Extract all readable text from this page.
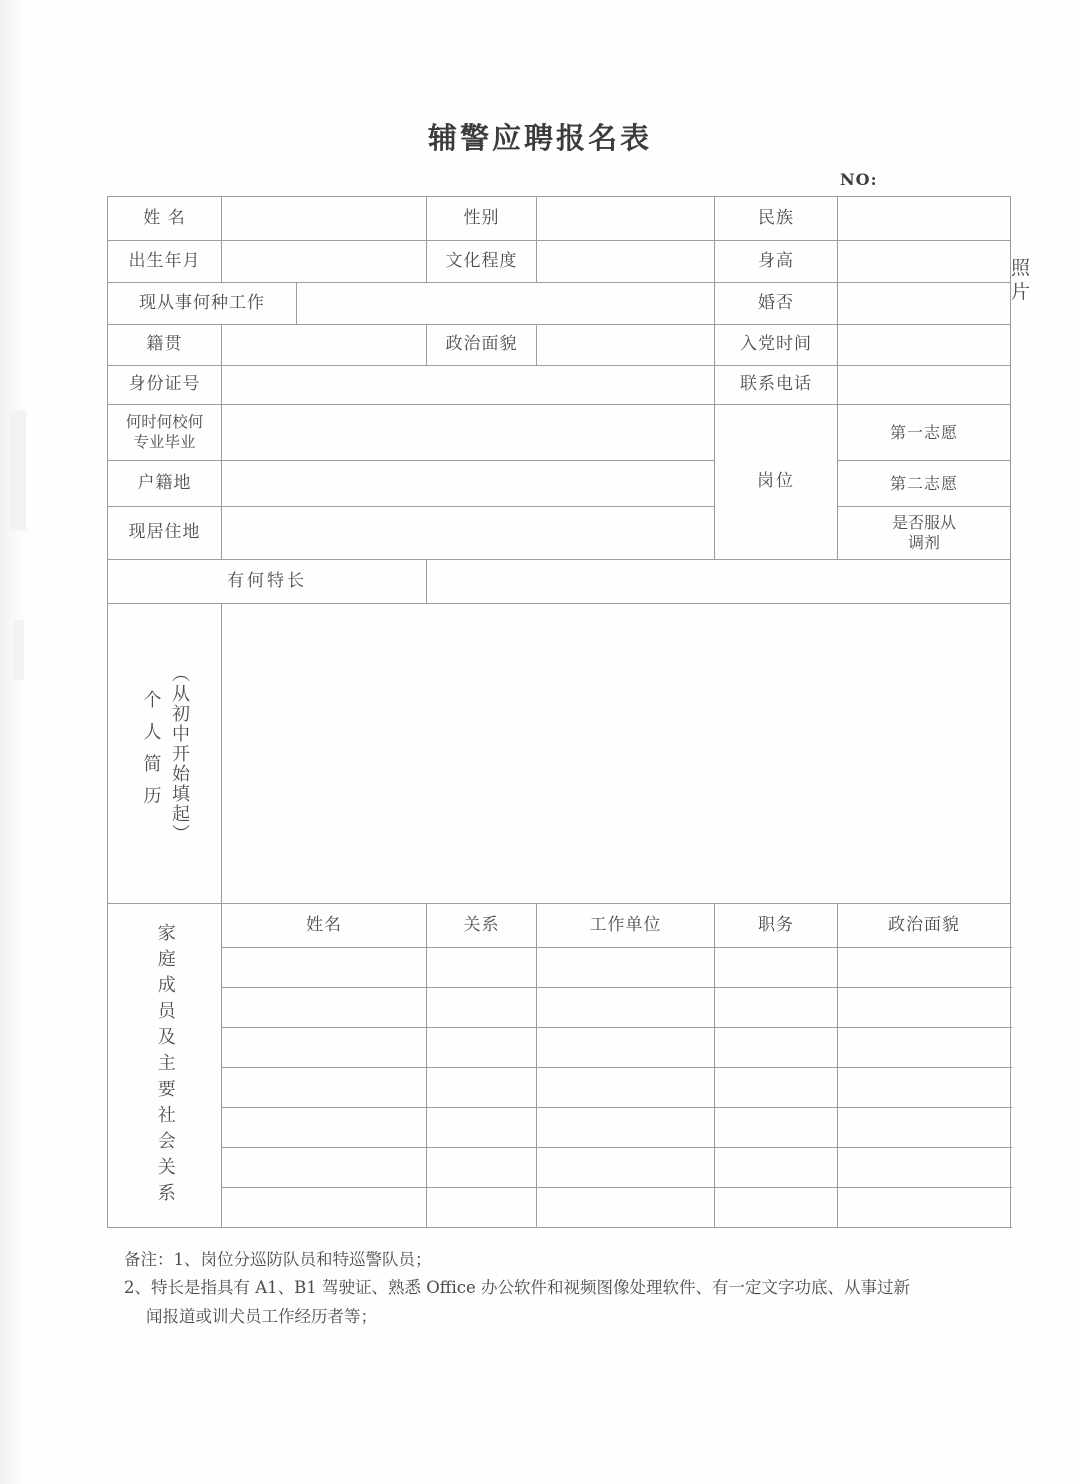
辅警应聘报名表
NO:
姓 名			性别		民族		照片
出生年月			文化程度		身高		
现从事何种工作					婚否		
籍贯			政治面貌		入党时间		
身份证号					联系电话		

何时何校何
专业毕业					岗位	第一志愿	
户籍地						第二志愿	
现居住地						是否服从
调剂	

有何特长							

个人简历 （从初中开始填起）							

家庭成员及主要社会关系	姓名		关系	工作单位	职务	政治面貌	

备注：1、岗位分巡防队员和特巡警队员；

2、特长是指具有 A1、B1 驾驶证、熟悉 Office 办公软件和视频图像处理软件、有一定文字功底、从事过新

闻报道或训犬员工作经历者等；
